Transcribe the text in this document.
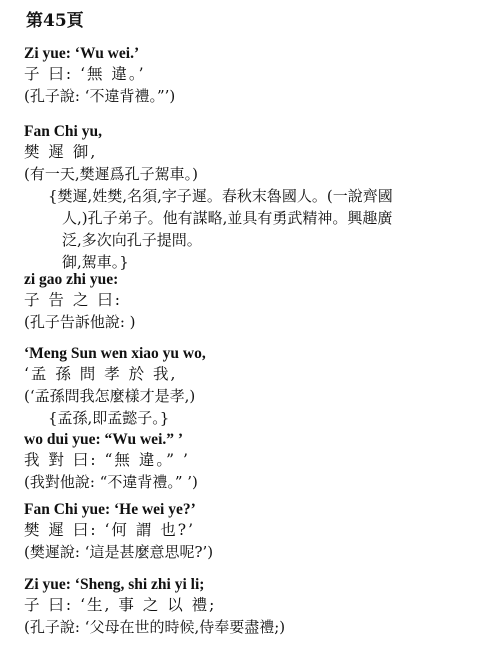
第45頁
Zi yue: ‘Wu wei.’
子 曰: ‘無 違。’
(孔子說: ‘不違背禮。”’)
Fan Chi yu,
樊 遲 御,
(有一天,樊遲爲孔子駕車。)
{樊遲,姓樊,名須,字子遲。春秋末魯國人。(一說齊國
人,)孔子弟子。他有謀略,並具有勇武精神。興趣廣
泛,多次向孔子提問。
御,駕車。}
zi gao zhi yue:
子 告 之 曰:
(孔子告訴他說: )
‘Meng Sun wen xiao yu wo,
‘孟 孫 問 孝 於 我,
(‘孟孫問我怎麼樣才是孝,)
{孟孫,即孟懿子。}
wo dui yue: “Wu wei.” ’
我 對 曰: “無 違。” ’
(我對他說: “不違背禮。” ’)
Fan Chi yue: ‘He wei ye?’
樊 遲 曰: ‘何 謂 也?’
(樊遲說: ‘這是甚麼意思呢?’)
Zi yue: ‘Sheng, shi zhi yi li;
子 曰: ‘生, 事 之 以 禮;
(孔子說: ‘父母在世的時候,侍奉要盡禮;)
